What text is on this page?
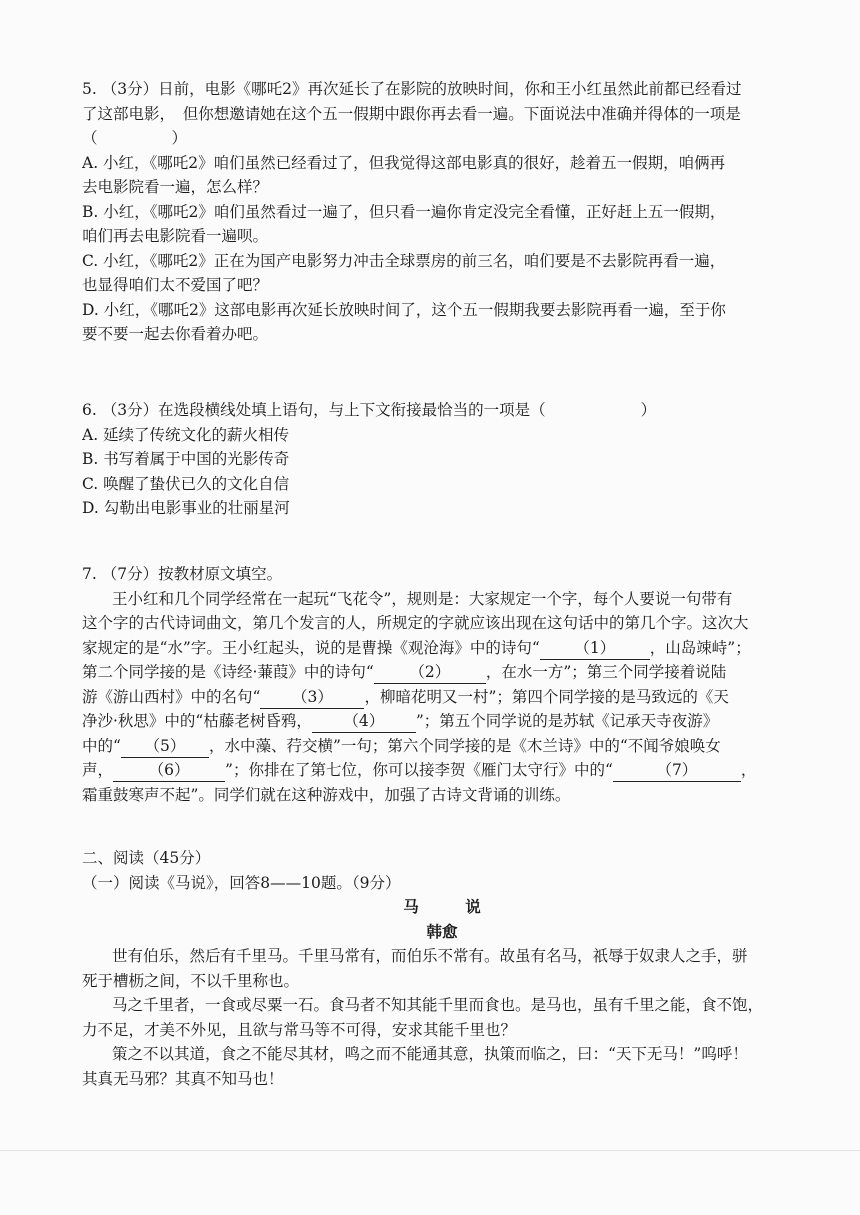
5. （3分）日前，电影《哪吒2》再次延长了在影院的放映时间，你和王小红虽然此前都已经看过
了这部电影，　但你想邀请她在这个五一假期中跟你再去看一遍。下面说法中准确并得体的一项是
（	）
A. 小红，《哪吒2》咱们虽然已经看过了，但我觉得这部电影真的很好，趁着五一假期，咱俩再
去电影院看一遍，怎么样？
B. 小红，《哪吒2》咱们虽然看过一遍了，但只看一遍你肯定没完全看懂，正好赶上五一假期，
咱们再去电影院看一遍呗。
C. 小红，《哪吒2》正在为国产电影努力冲击全球票房的前三名，咱们要是不去影院再看一遍，
也显得咱们太不爱国了吧？
D. 小红，《哪吒2》这部电影再次延长放映时间了，这个五一假期我要去影院再看一遍，至于你
要不要一起去你看着办吧。
6. （3分）在选段横线处填上语句，与上下文衔接最恰当的一项是（	）
A. 延续了传统文化的薪火相传
B. 书写着属于中国的光影传奇
C. 唤醒了蛰伏已久的文化自信
D. 勾勒出电影事业的壮丽星河
7. （7分）按教材原文填空。
王小红和几个同学经常在一起玩“飞花令”，规则是：大家规定一个字，每个人要说一句带有
这个字的古代诗词曲文，第几个发言的人，所规定的字就应该出现在这句话中的第几个字。这次大
家规定的是“水”字。王小红起头，说的是曹操《观沧海》中的诗句“ （1） ，山岛竦峙”；
第二个同学接的是《诗经·蒹葭》中的诗句“ （2） ，在水一方”；第三个同学接着说陆
游《游山西村》中的名句“ （3） ，柳暗花明又一村”；第四个同学接的是马致远的《天
净沙·秋思》中的“枯藤老树昏鸦， （4） ”；第五个同学说的是苏轼《记承天寺夜游》
中的“ （5） ，水中藻、荇交横”一句；第六个同学接的是《木兰诗》中的“不闻爷娘唤女
声， （6） ”；你排在了第七位，你可以接李贺《雁门太守行》中的“	（7）	，
霜重鼓寒声不起”。同学们就在这种游戏中，加强了古诗文背诵的训练。
二、阅读（45分）
（一）阅读《马说》，回答8——10题。（9分）
马　　　说
韩愈
世有伯乐，然后有千里马。千里马常有，而伯乐不常有。故虽有名马，祇辱于奴隶人之手，骈
死于槽枥之间，不以千里称也。
马之千里者，一食或尽粟一石。食马者不知其能千里而食也。是马也，虽有千里之能，食不饱，
力不足，才美不外见，且欲与常马等不可得，安求其能千里也？
策之不以其道，食之不能尽其材，鸣之而不能通其意，执策而临之，曰：“天下无马！”呜呼！
其真无马邪？其真不知马也！
